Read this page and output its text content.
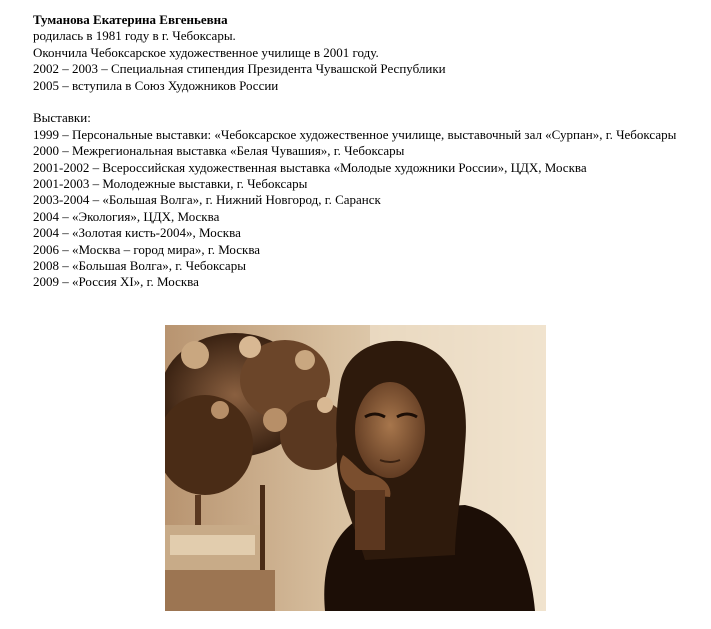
Туманова Екатерина Евгеньевна
родилась в 1981 году в г. Чебоксары.
Окончила Чебоксарское художественное училище в 2001 году.
2002 – 2003 – Специальная стипендия Президента Чувашской Республики
2005 – вступила в Союз Художников России
Выставки:
1999 – Персональные выставки: «Чебоксарское художественное училище, выставочный зал «Сурпан», г. Чебоксары
2000 – Межрегиональная выставка «Белая Чувашия», г. Чебоксары
2001-2002 – Всероссийская художественная выставка «Молодые художники России», ЦДХ, Москва
2001-2003 – Молодежные выставки, г. Чебоксары
2003-2004 – «Большая Волга», г. Нижний Новгород, г. Саранск
2004 – «Экология», ЦДХ, Москва
2004 – «Золотая кисть-2004», Москва
2006 – «Москва – город мира», г. Москва
2008 – «Большая Волга», г. Чебоксары
2009 – «Россия XI», г. Москва
